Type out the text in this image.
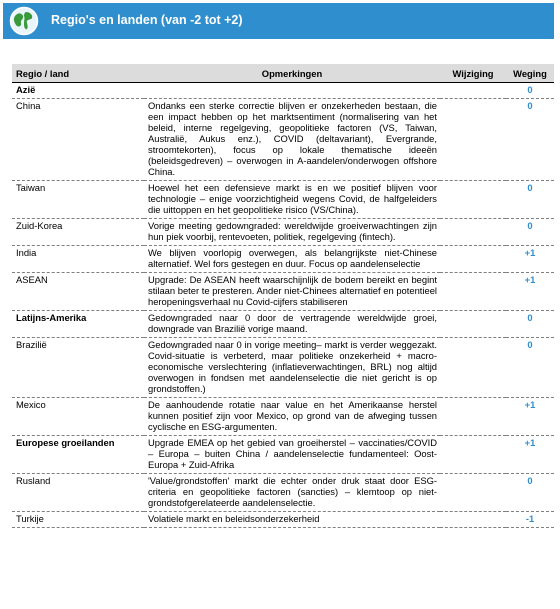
Regio's en landen (van -2 tot +2)
Regio / land	Opmerkingen	Wijziging	Weging
Azië			0
China	Ondanks een sterke correctie blijven er onzekerheden bestaan, die een impact hebben op het marktsentiment (normalisering van het beleid, interne regelgeving, geopolitieke factoren (VS, Taiwan, Australië, Aukus enz.), COVID (deltavariant), Evergrande, stroomtekorten), focus op lokale thematische ideeën (beleidsgedreven) – overwogen in A-aandelen/onderwogen offshore China.		0
Taiwan	Hoewel het een defensieve markt is en we positief blijven voor technologie – enige voorzichtigheid wegens Covid, de halfgeleiders die uittoppen en het geopolitieke risico (VS/China).		0
Zuid-Korea	Vorige meeting gedowngraded: wereldwijde groeiverwachtingen zijn hun piek voorbij, rentevoeten, politiek, regelgeving (fintech).		0
India	We blijven voorlopig overwegen, als belangrijkste niet-Chinese alternatief. Wel fors gestegen en duur. Focus op aandelenselectie		+1
ASEAN	Upgrade: De ASEAN heeft waarschijnlijk de bodem bereikt en begint stilaan beter te presteren. Ander niet-Chinees alternatief en potentieel heropeningsverhaal nu Covid-cijfers stabiliseren		+1
Latijns-Amerika	Gedowngraded naar 0 door de vertragende wereldwijde groei, downgrade van Brazilië vorige maand.		0
Brazilië	Gedowngraded naar 0 in vorige meeting– markt is verder weggezakt. Covid-situatie is verbeterd, maar politieke onzekerheid + macro-economische verslechtering (inflatieverwachtingen, BRL) nog altijd overwogen in fondsen met aandelenselectie die niet gericht is op grondstoffen.)		0
Mexico	De aanhoudende rotatie naar value en het Amerikaanse herstel kunnen positief zijn voor Mexico, op grond van de afweging tussen cyclische en ESG-argumenten.		+1
Europese groeilanden	Upgrade EMEA op het gebied van groeiherstel – vaccinaties/COVID – Europa – buiten China / aandelenselectie fundamenteel: Oost-Europa + Zuid-Afrika		+1
Rusland	'Value/grondstoffen' markt die echter onder druk staat door ESG-criteria en geopolitieke factoren (sancties) – klemtoop op niet-grondstofgerelateerde aandelenselectie.		0
Turkije	Volatiele markt en beleidsonderzekerheid		-1
